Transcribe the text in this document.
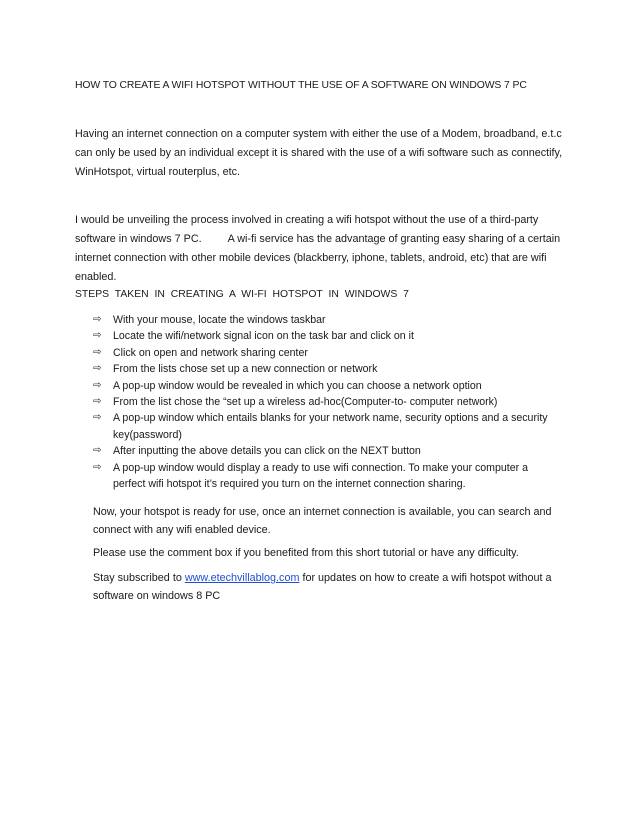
HOW TO CREATE A WIFI HOTSPOT WITHOUT THE USE OF A SOFTWARE ON WINDOWS 7 PC

Having an internet connection on a computer system with either the use of a Modem, broadband, e.t.c can only be used by an individual except it is shared with the use of a wifi software such as connectify, WinHotspot, virtual routerplus, etc.

I would be unveiling the process involved in creating a wifi hotspot without the use of a third-party software in windows 7 PC. A wi-fi service has the advantage of granting easy sharing of a certain internet connection with other mobile devices (blackberry, iphone, tablets, android, etc) that are wifi enabled.

STEPS TAKEN IN CREATING A WI-FI HOTSPOT IN WINDOWS 7
⇨ With your mouse, locate the windows taskbar
⇨ Locate the wifi/network signal icon on the task bar and click on it
⇨ Click on open and network sharing center
⇨ From the lists chose set up a new connection or network
⇨ A pop-up window would be revealed in which you can choose a network option
⇨ From the list chose the “set up a wireless ad-hoc(Computer-to- computer network)
⇨ A pop-up window which entails blanks for your network name, security options and a security key(password)
⇨ After inputting the above details you can click on the NEXT button
⇨ A pop-up window would display a ready to use wifi connection. To make your computer a perfect wifi hotspot it’s required you turn on the internet connection sharing.

Now, your hotspot is ready for use, once an internet connection is available, you can search and connect with any wifi enabled device.

Please use the comment box if you benefited from this short tutorial or have any difficulty.

Stay subscribed to www.etechvillablog.com for updates on how to create a wifi hotspot without a software on windows 8 PC
